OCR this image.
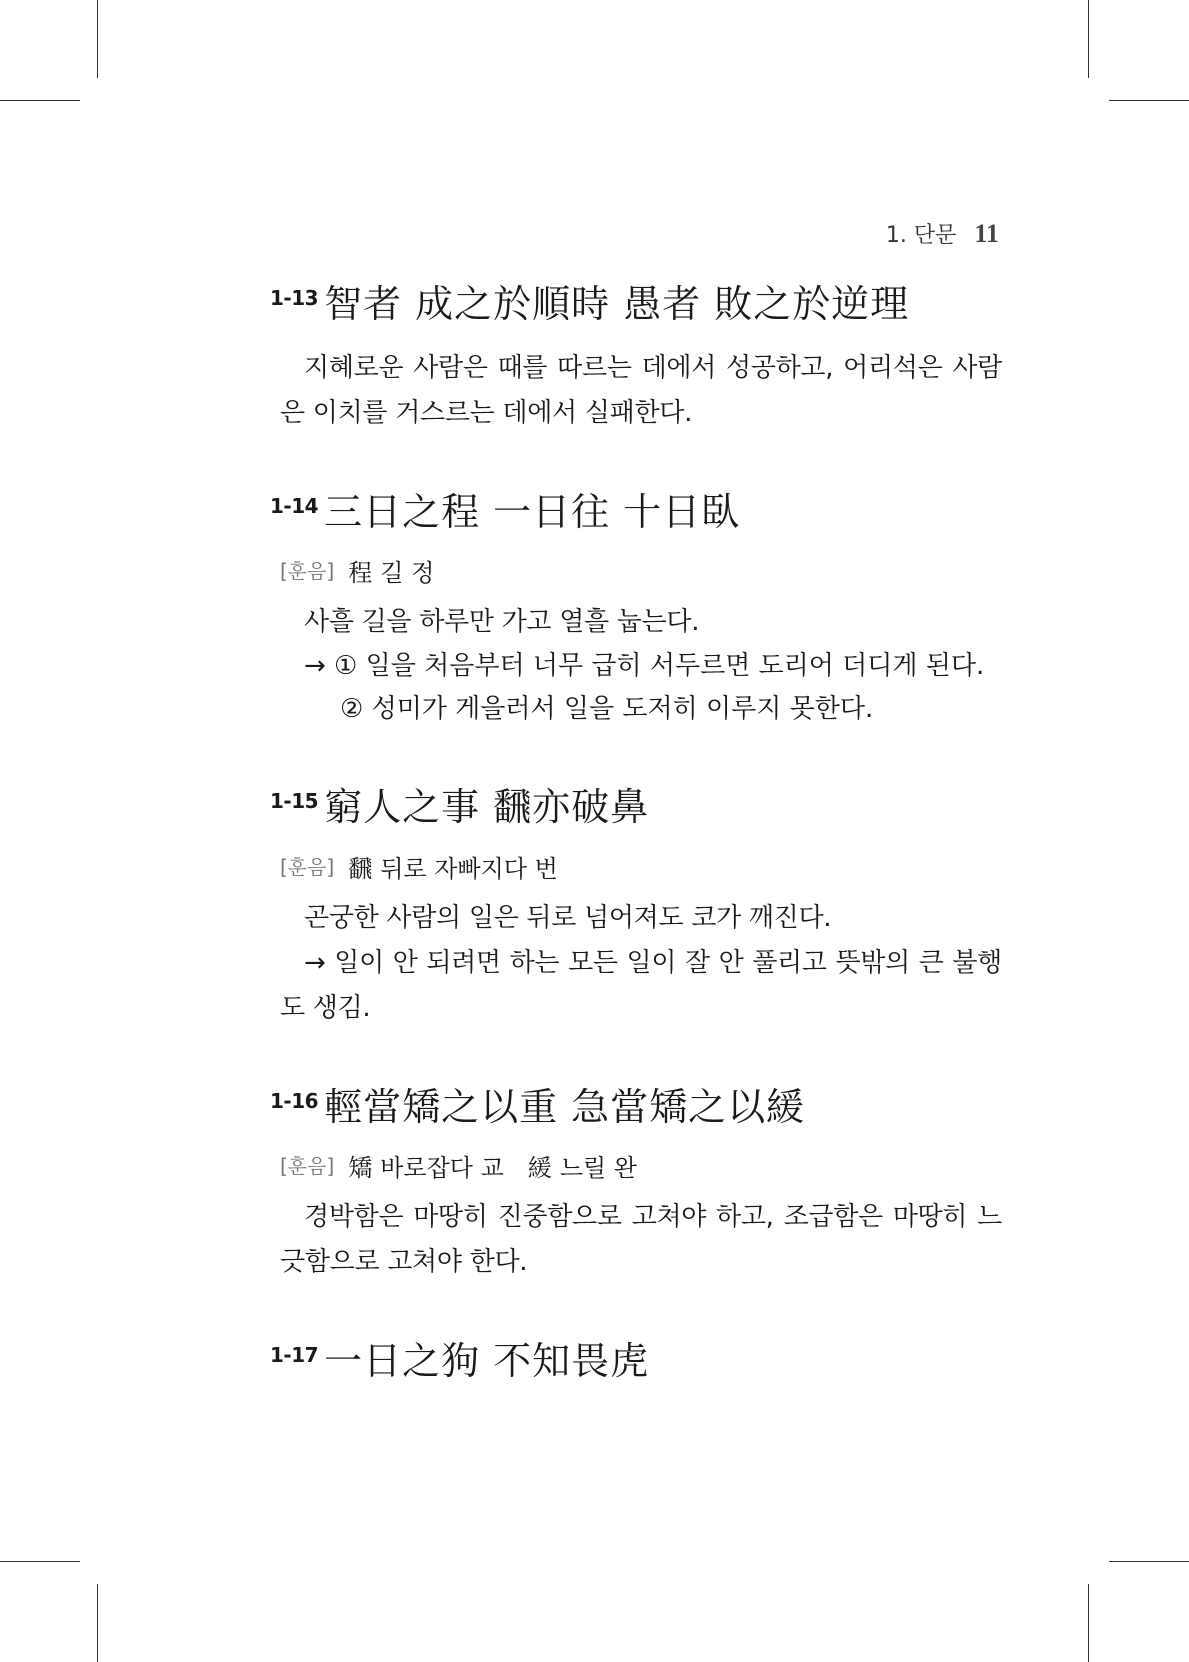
1. 단문 11
1-13 智者 成之於順時 愚者 敗之於逆理

지혜로운 사람은 때를 따르는 데에서 성공하고, 어리석은 사람은 이치를 거스르는 데에서 실패한다.

1-14 三日之程 一日往 十日臥
[훈음] 程 길 정

사흘 길을 하루만 가고 열흘 눕는다.

→ ① 일을 처음부터 너무 급히 서두르면 도리어 더디게 된다.
② 성미가 게을러서 일을 도저히 이루지 못한다.
1-15 窮人之事 飜亦破鼻
[훈음] 飜 뒤로 자빠지다 번

곤궁한 사람의 일은 뒤로 넘어져도 코가 깨진다.

→ 일이 안 되려면 하는 모든 일이 잘 안 풀리고 뜻밖의 큰 불행도 생김.

1-16 輕當矯之以重 急當矯之以緩
[훈음] 矯 바로잡다 교 緩 느릴 완

경박함은 마땅히 진중함으로 고쳐야 하고, 조급함은 마땅히 느긋함으로 고쳐야 한다.

1-17 一日之狗 不知畏虎
